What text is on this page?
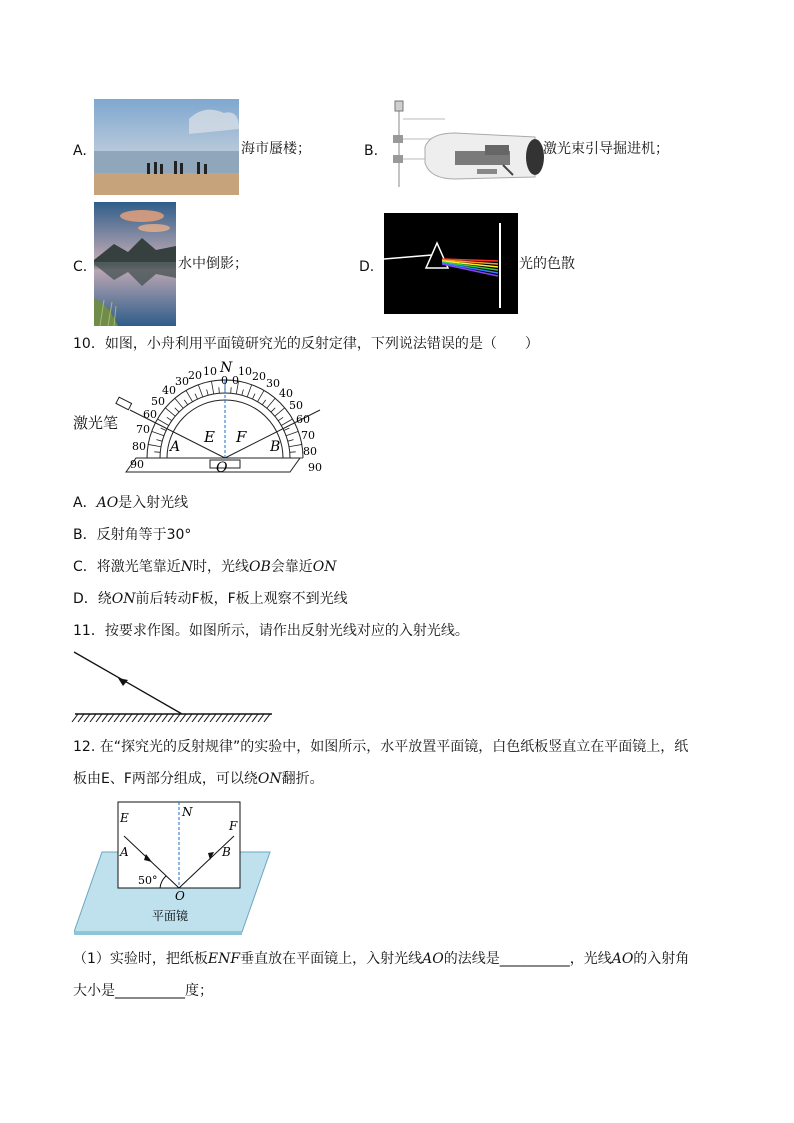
A.	海市蜃楼；	B.	激光束引导掘进机；
C.	水中倒影；	D.	光的色散
10．如图，小舟利用平面镜研究光的反射定律，下列说法错误的是（　　）
90
80
70
60
50
40
30 20 10
0 0
10 20
30
40
50
60
70
80
90
N
E F
A	B
O
激光笔
A．AO是入射光线
B．反射角等于30°
C．将激光笔靠近N时，光线OB会靠近ON
D．绕ON前后转动F板，F板上观察不到光线
11．按要求作图。如图所示，请作出反射光线对应的入射光线。
12. 在“探究光的反射规律”的实验中，如图所示，水平放置平面镜，白色纸板竖直立在平面镜上，纸
板由E、F两部分组成，可以绕ON翻折。
E	N
F
A	B
O
50°
平面镜
（1）实验时，把纸板ENF垂直放在平面镜上，入射光线AO的法线是__________，光线AO的入射角
大小是__________度；
